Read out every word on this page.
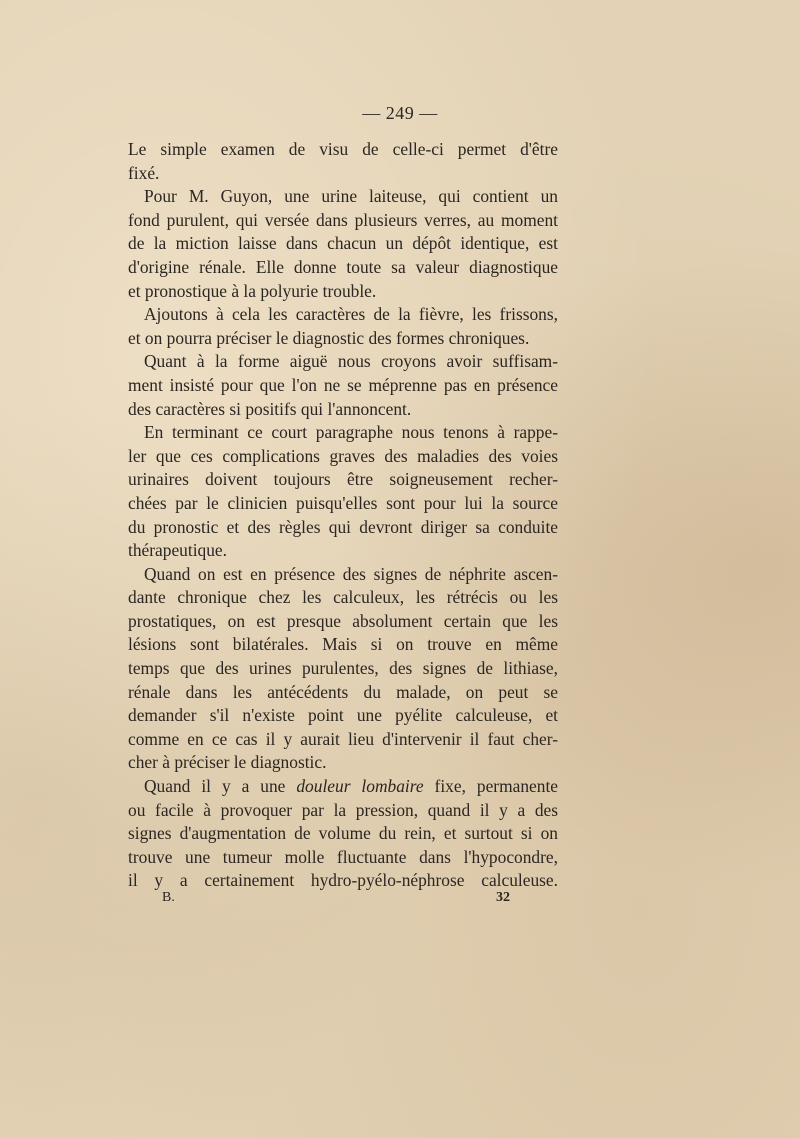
— 249 —
Le simple examen de visu de celle-ci permet d'être
fixé.
Pour M. Guyon, une urine laiteuse, qui contient un
fond purulent, qui versée dans plusieurs verres, au moment
de la miction laisse dans chacun un dépôt identique, est
d'origine rénale. Elle donne toute sa valeur diagnostique
et pronostique à la polyurie trouble.
Ajoutons à cela les caractères de la fièvre, les frissons,
et on pourra préciser le diagnostic des formes chroniques.
Quant à la forme aiguë nous croyons avoir suffisam-
ment insisté pour que l'on ne se méprenne pas en présence
des caractères si positifs qui l'annoncent.
En terminant ce court paragraphe nous tenons à rappe-
ler que ces complications graves des maladies des voies
urinaires doivent toujours être soigneusement recher-
chées par le clinicien puisqu'elles sont pour lui la source
du pronostic et des règles qui devront diriger sa conduite
thérapeutique.
Quand on est en présence des signes de néphrite ascen-
dante chronique chez les calculeux, les rétrécis ou les
prostatiques, on est presque absolument certain que les
lésions sont bilatérales. Mais si on trouve en même
temps que des urines purulentes, des signes de lithiase,
rénale dans les antécédents du malade, on peut se
demander s'il n'existe point une pyélite calculeuse, et
comme en ce cas il y aurait lieu d'intervenir il faut cher-
cher à préciser le diagnostic.
Quand il y a une douleur lombaire fixe, permanente
ou facile à provoquer par la pression, quand il y a des
signes d'augmentation de volume du rein, et surtout si on
trouve une tumeur molle fluctuante dans l'hypocondre,
il y a certainement hydro-pyélo-néphrose calculeuse.
B.	32
